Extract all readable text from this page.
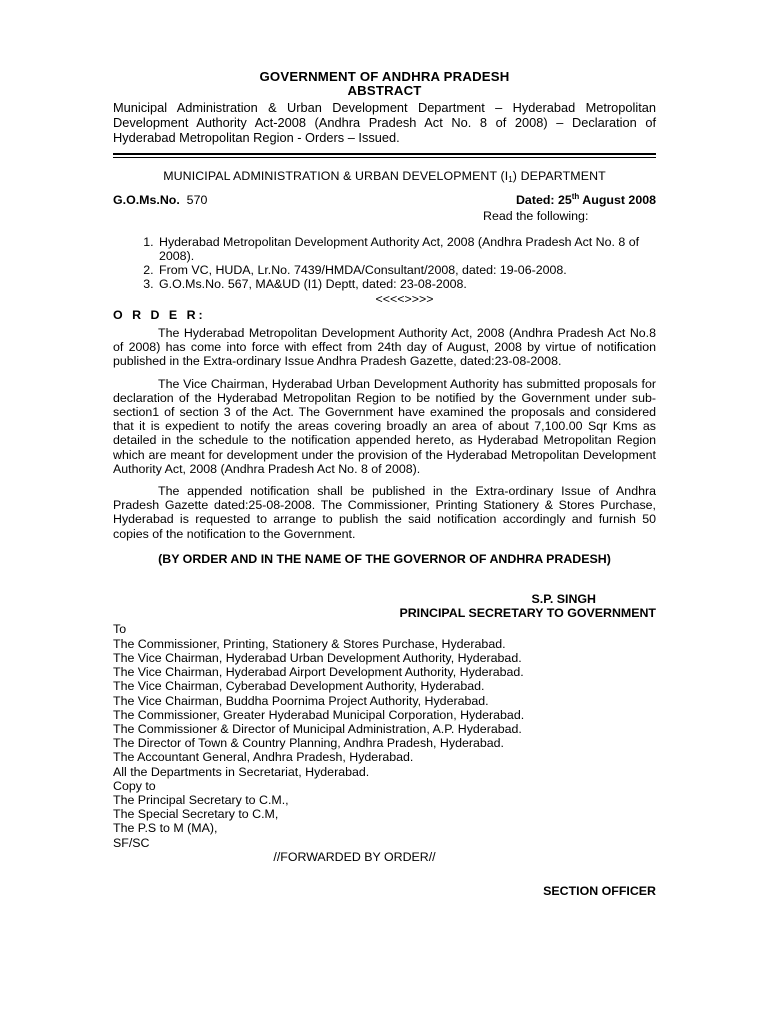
GOVERNMENT OF ANDHRA PRADESH
ABSTRACT
Municipal Administration & Urban Development Department – Hyderabad Metropolitan Development Authority Act-2008 (Andhra Pradesh Act No. 8 of 2008) – Declaration of Hyderabad Metropolitan Region - Orders – Issued.
MUNICIPAL ADMINISTRATION & URBAN DEVELOPMENT $(I_1)$ DEPARTMENT
G.O.Ms.No. 570	Dated: 25th August 2008
Read the following:
1. Hyderabad Metropolitan Development Authority Act, 2008 (Andhra Pradesh Act No. 8 of 2008).
2. From VC, HUDA, Lr.No. 7439/HMDA/Consultant/2008, dated: 19-06-2008.
3. G.O.Ms.No. 567, MA&UD (I1) Deptt, dated: 23-08-2008.
<<<<>>>>
O R D E R:

The Hyderabad Metropolitan Development Authority Act, 2008 (Andhra Pradesh Act No.8 of 2008) has come into force with effect from 24th day of August, 2008 by virtue of notification published in the Extra-ordinary Issue Andhra Pradesh Gazette, dated:23-08-2008.

The Vice Chairman, Hyderabad Urban Development Authority has submitted proposals for declaration of the Hyderabad Metropolitan Region to be notified by the Government under sub-section1 of section 3 of the Act. The Government have examined the proposals and considered that it is expedient to notify the areas covering broadly an area of about 7,100.00 Sqr Kms as detailed in the schedule to the notification appended hereto, as Hyderabad Metropolitan Region which are meant for development under the provision of the Hyderabad Metropolitan Development Authority Act, 2008 (Andhra Pradesh Act No. 8 of 2008).

The appended notification shall be published in the Extra-ordinary Issue of Andhra Pradesh Gazette dated:25-08-2008. The Commissioner, Printing Stationery & Stores Purchase, Hyderabad is requested to arrange to publish the said notification accordingly and furnish 50 copies of the notification to the Government.

(BY ORDER AND IN THE NAME OF THE GOVERNOR OF ANDHRA PRADESH)
S.P. SINGH
PRINCIPAL SECRETARY TO GOVERNMENT
To
The Commissioner, Printing, Stationery & Stores Purchase, Hyderabad.
The Vice Chairman, Hyderabad Urban Development Authority, Hyderabad.
The Vice Chairman, Hyderabad Airport Development Authority, Hyderabad.
The Vice Chairman, Cyberabad Development Authority, Hyderabad.
The Vice Chairman, Buddha Poornima Project Authority, Hyderabad.
The Commissioner, Greater Hyderabad Municipal Corporation, Hyderabad.
The Commissioner & Director of Municipal Administration, A.P. Hyderabad.
The Director of Town & Country Planning, Andhra Pradesh, Hyderabad.
The Accountant General, Andhra Pradesh, Hyderabad.
All the Departments in Secretariat, Hyderabad.
Copy to
The Principal Secretary to C.M.,
The Special Secretary to C.M,
The P.S to M (MA),
SF/SC
//FORWARDED BY ORDER//
SECTION OFFICER
